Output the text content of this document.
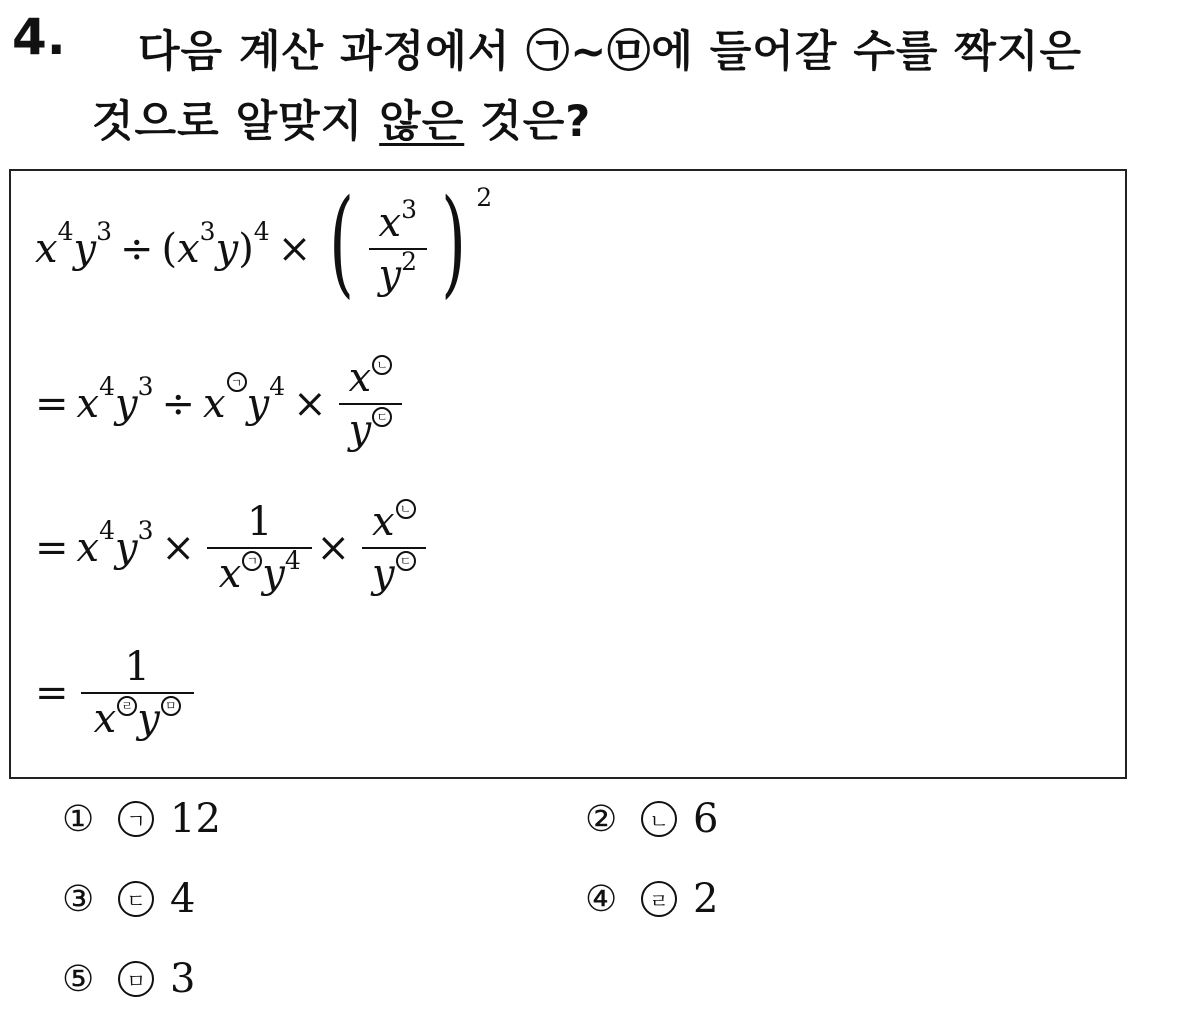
4. 다음 계산 과정에서 ㉠~㉤에 들어갈 수를 짝지은
것으로 알맞지 않은 것은?
x 4 y 3 ÷ ( x 3 y ) 4 × ( $\frac{x^3}{y^2}$ ) 2
= x 4 y 3 ÷ x ㄱ y $4 \times \frac{\text{x ㄴ}}{\text{y ㄷ}}$
= x 4 y $3 \times \frac{1}{x ㄱ y^4} \times \frac{\text{x ㄴ}}{\text{y ㄷ}}$
= $\frac{1}{\text{x ㄹ y ㅁ}}$
①	ㄱ 12	②	ㄴ 6
③	ㄷ 4	④	ㄹ 2
⑤	ㅁ 3
